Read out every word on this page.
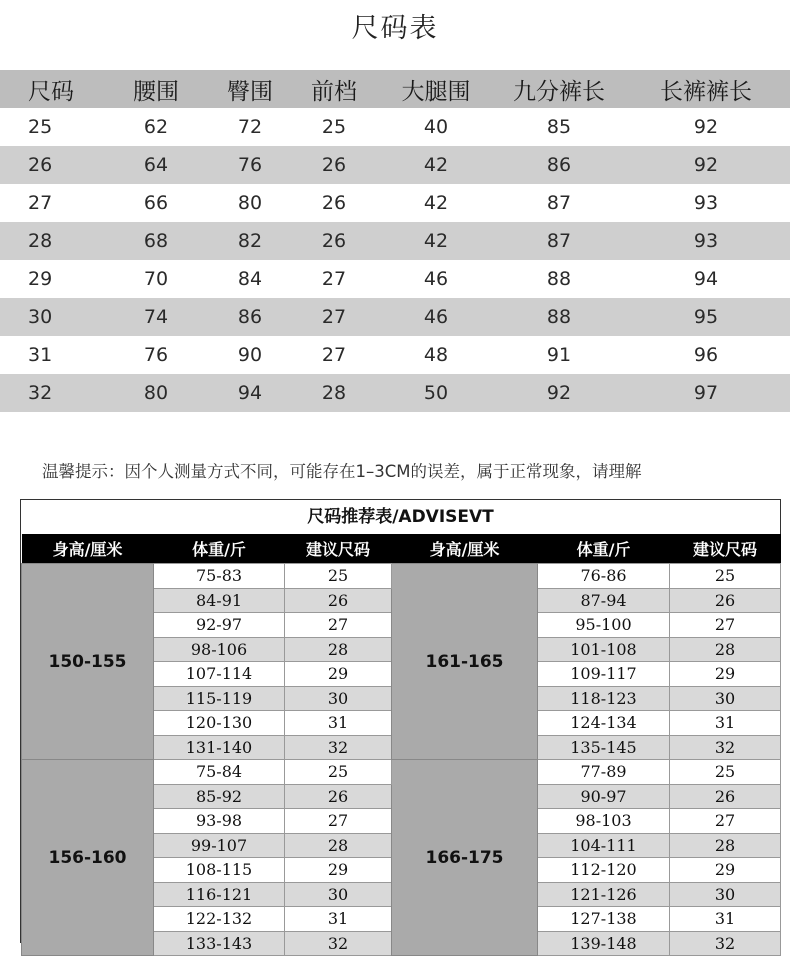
尺码表
尺码	腰围	臀围	前档	大腿围	九分裤长	长裤裤长
25	62	72	25	40	85	92
26	64	76	26	42	86	92
27	66	80	26	42	87	93
28	68	82	26	42	87	93
29	70	84	27	46	88	94
30	74	86	27	46	88	95
31	76	90	27	48	91	96
32	80	94	28	50	92	97
温馨提示：因个人测量方式不同，可能存在1–3CM的误差，属于正常现象，请理解
尺码推荐表/ADVISEVT
身高/厘米	体重/斤	建议尺码	身高/厘米	体重/斤	建议尺码
150-155	75-83	25	161-165	76-86	25
	84-91	26		87-94	26
	92-97	27		95-100	27
	98-106	28		101-108	28
	107-114	29		109-117	29
	115-119	30		118-123	30
	120-130	31		124-134	31
	131-140	32		135-145	32
156-160	75-84	25	166-175	77-89	25
	85-92	26		90-97	26
	93-98	27		98-103	27
	99-107	28		104-111	28
	108-115	29		112-120	29
	116-121	30		121-126	30
	122-132	31		127-138	31
	133-143	32		139-148	32
